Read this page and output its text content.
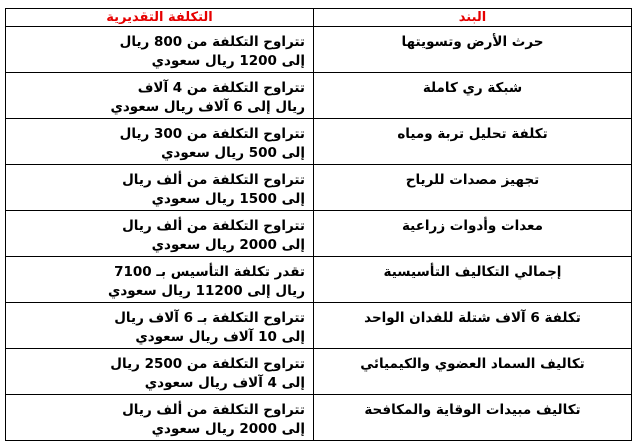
البند	التكلفة التقديرية
حرث الأرض وتسويتها	تتراوح التكلفة من 800 ريال إلى 1200 ريال سعودي
شبكة ري كاملة	تتراوح التكلفة من 4 آلاف ريال إلى 6 آلاف ريال سعودي
تكلفة تحليل تربة ومياه	تتراوح التكلفة من 300 ريال إلى 500 ريال سعودي
تجهيز مصدات للرياح	تتراوح التكلفة من ألف ريال إلى 1500 ريال سعودي
معدات وأدوات زراعية	تتراوح التكلفة من ألف ريال إلى 2000 ريال سعودي
إجمالي التكاليف التأسيسية	تقدر تكلفة التأسيس بـ 7100 ريال إلى 11200 ريال سعودي
تكلفة 6 آلاف شتلة للفدان الواحد	تتراوح التكلفة بـ 6 آلاف ريال إلى 10 آلاف ريال سعودي
تكاليف السماد العضوي والكيميائي	تتراوح التكلفة من 2500 ريال إلى 4 آلاف ريال سعودي
تكاليف مبيدات الوقاية والمكافحة	تتراوح التكلفة من ألف ريال إلى 2000 ريال سعودي
